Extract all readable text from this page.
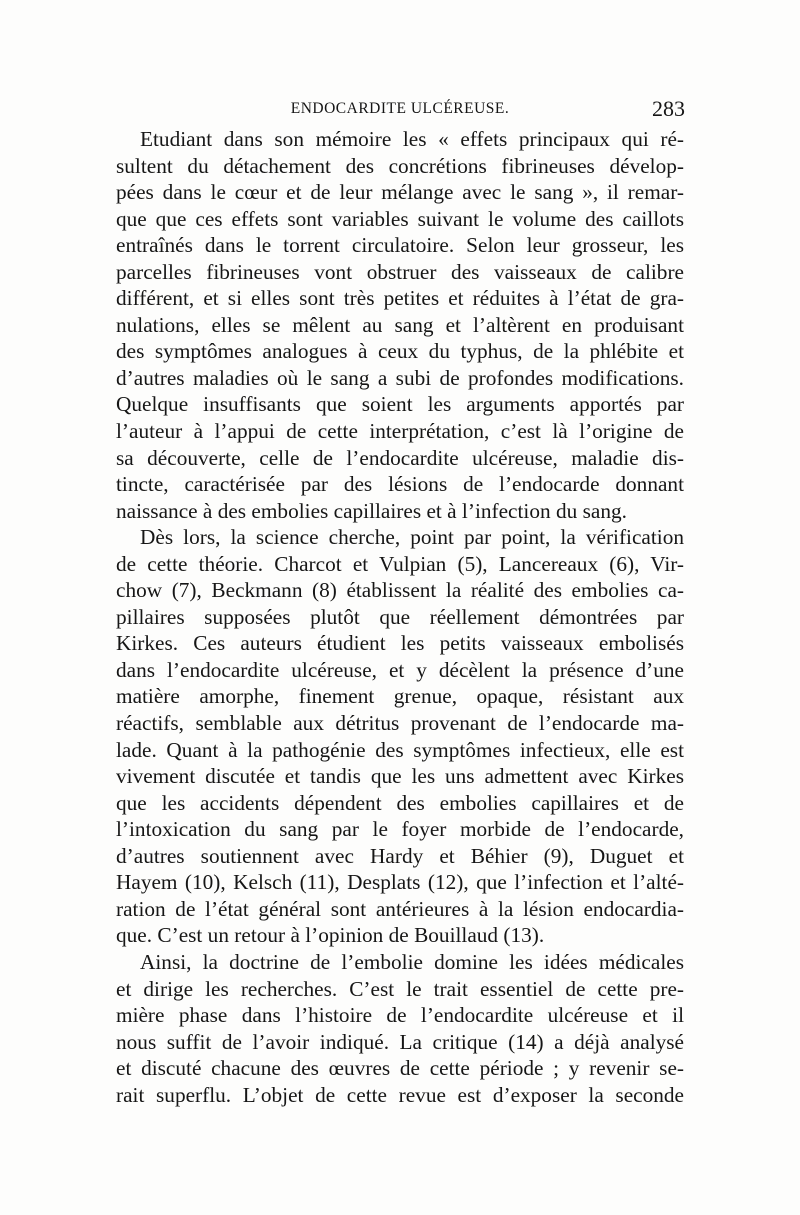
ENDOCARDITE ULCÉREUSE.	283
Etudiant dans son mémoire les « effets principaux qui ré-
sultent du détachement des concrétions fibrineuses dévelop-
pées dans le cœur et de leur mélange avec le sang », il remar-
que que ces effets sont variables suivant le volume des caillots
entraînés dans le torrent circulatoire. Selon leur grosseur, les
parcelles fibrineuses vont obstruer des vaisseaux de calibre
différent, et si elles sont très petites et réduites à l’état de gra-
nulations, elles se mêlent au sang et l’altèrent en produisant
des symptômes analogues à ceux du typhus, de la phlébite et
d’autres maladies où le sang a subi de profondes modifications.
Quelque insuffisants que soient les arguments apportés par
l’auteur à l’appui de cette interprétation, c’est là l’origine de
sa découverte, celle de l’endocardite ulcéreuse, maladie dis-
tincte, caractérisée par des lésions de l’endocarde donnant
naissance à des embolies capillaires et à l’infection du sang.
Dès lors, la science cherche, point par point, la vérification
de cette théorie. Charcot et Vulpian (5), Lancereaux (6), Vir-
chow (7), Beckmann (8) établissent la réalité des embolies ca-
pillaires supposées plutôt que réellement démontrées par
Kirkes. Ces auteurs étudient les petits vaisseaux embolisés
dans l’endocardite ulcéreuse, et y décèlent la présence d’une
matière amorphe, finement grenue, opaque, résistant aux
réactifs, semblable aux détritus provenant de l’endocarde ma-
lade. Quant à la pathogénie des symptômes infectieux, elle est
vivement discutée et tandis que les uns admettent avec Kirkes
que les accidents dépendent des embolies capillaires et de
l’intoxication du sang par le foyer morbide de l’endocarde,
d’autres soutiennent avec Hardy et Béhier (9), Duguet et
Hayem (10), Kelsch (11), Desplats (12), que l’infection et l’alté-
ration de l’état général sont antérieures à la lésion endocardia-
que. C’est un retour à l’opinion de Bouillaud (13).
Ainsi, la doctrine de l’embolie domine les idées médicales
et dirige les recherches. C’est le trait essentiel de cette pre-
mière phase dans l’histoire de l’endocardite ulcéreuse et il
nous suffit de l’avoir indiqué. La critique (14) a déjà analysé
et discuté chacune des œuvres de cette période ; y revenir se-
rait superflu. L’objet de cette revue est d’exposer la seconde
